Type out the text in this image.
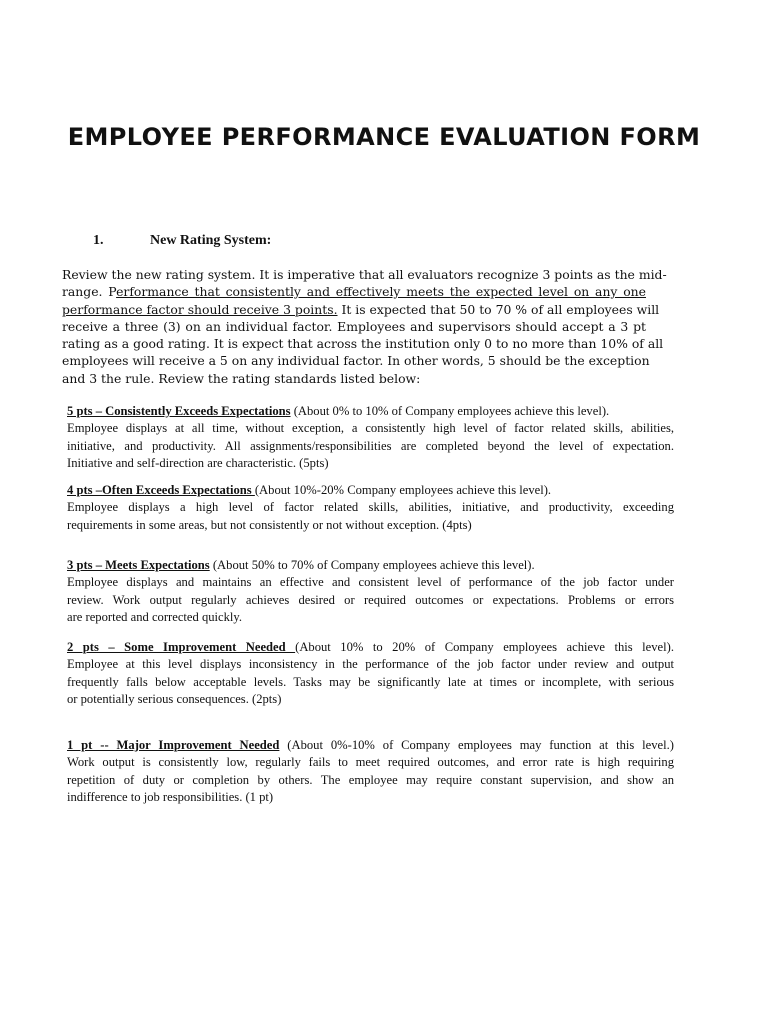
EMPLOYEE PERFORMANCE EVALUATION FORM
1.	New Rating System:
Review the new rating system. It is imperative that all evaluators recognize 3 points as the mid-
range. Performance that consistently and effectively meets the expected level on any one
performance factor should receive 3 points. It is expected that 50 to 70 % of all employees will
receive a three (3) on an individual factor. Employees and supervisors should accept a 3 pt
rating as a good rating. It is expect that across the institution only 0 to no more than 10% of all
employees will receive a 5 on any individual factor. In other words, 5 should be the exception
and 3 the rule. Review the rating standards listed below:
5 pts – Consistently Exceeds Expectations (About 0% to 10% of Company employees achieve this level).
Employee displays at all time, without exception, a consistently high level of factor related skills, abilities,
initiative, and productivity. All assignments/responsibilities are completed beyond the level of expectation.
Initiative and self-direction are characteristic. (5pts)
4 pts –Often Exceeds Expectations (About 10%-20% Company employees achieve this level).
Employee displays a high level of factor related skills, abilities, initiative, and productivity, exceeding
requirements in some areas, but not consistently or not without exception. (4pts)
3 pts – Meets Expectations (About 50% to 70% of Company employees achieve this level).
Employee displays and maintains an effective and consistent level of performance of the job factor under
review. Work output regularly achieves desired or required outcomes or expectations. Problems or errors
are reported and corrected quickly.
2 pts – Some Improvement Needed (About 10% to 20% of Company employees achieve this level).
Employee at this level displays inconsistency in the performance of the job factor under review and output
frequently falls below acceptable levels. Tasks may be significantly late at times or incomplete, with serious
or potentially serious consequences. (2pts)
1 pt -- Major Improvement Needed (About 0%-10% of Company employees may function at this level.)
Work output is consistently low, regularly fails to meet required outcomes, and error rate is high requiring
repetition of duty or completion by others. The employee may require constant supervision, and show an
indifference to job responsibilities. (1 pt)
